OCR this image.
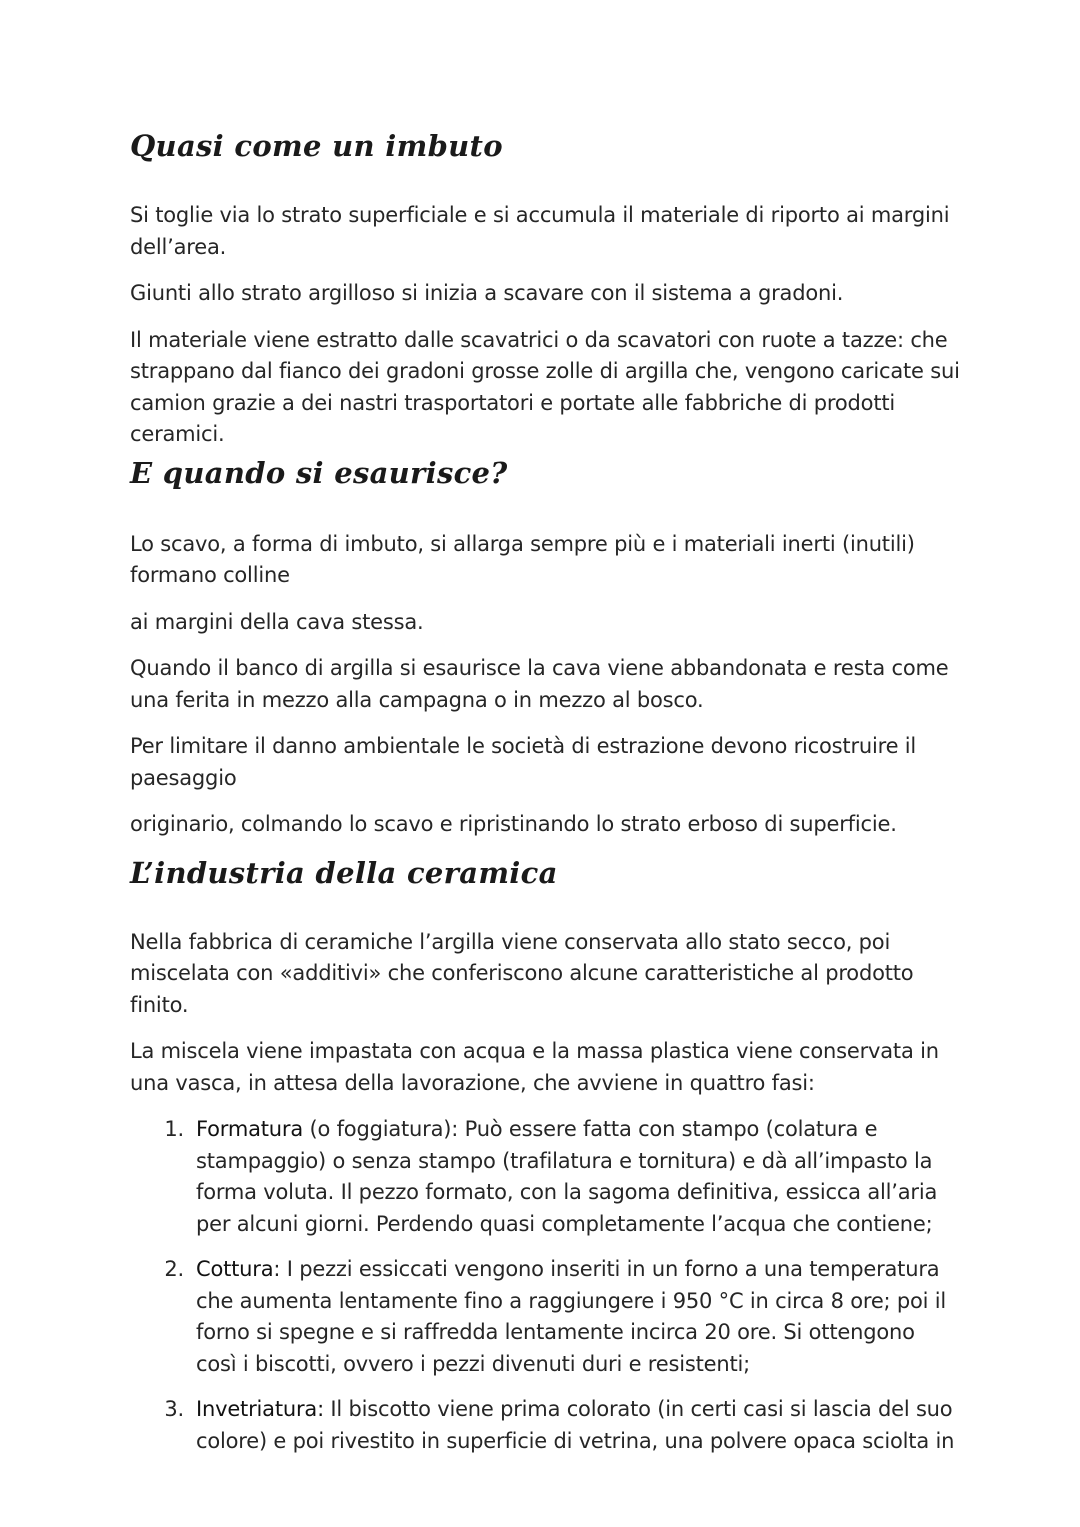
Quasi come un imbuto

Si toglie via lo strato superficiale e si accumula il materiale di riporto ai margini dell’area.

Giunti allo strato argilloso si inizia a scavare con il sistema a gradoni.

Il materiale viene estratto dalle scavatrici o da scavatori con ruote a tazze: che strappano dal fianco dei gradoni grosse zolle di argilla che, vengono caricate sui camion grazie a dei nastri trasportatori e portate alle fabbriche di prodotti ceramici.

E quando si esaurisce?

Lo scavo, a forma di imbuto, si allarga sempre più e i materiali inerti (inutili) formano colline

ai margini della cava stessa.

Quando il banco di argilla si esaurisce la cava viene abbandonata e resta come una ferita in mezzo alla campagna o in mezzo al bosco.

Per limitare il danno ambientale le società di estrazione devono ricostruire il paesaggio

originario, colmando lo scavo e ripristinando lo strato erboso di superficie.

L’industria della ceramica

Nella fabbrica di ceramiche l’argilla viene conservata allo stato secco, poi miscelata con «additivi» che conferiscono alcune caratteristiche al prodotto finito.

La miscela viene impastata con acqua e la massa plastica viene conservata in una vasca, in attesa della lavorazione, che avviene in quattro fasi:

1. Formatura (o foggiatura): Può essere fatta con stampo (colatura e stampaggio) o senza stampo (trafilatura e tornitura) e dà all’impasto la forma voluta. Il pezzo formato, con la sagoma definitiva, essicca all’aria per alcuni giorni. Perdendo quasi completamente l’acqua che contiene;
2. Cottura: I pezzi essiccati vengono inseriti in un forno a una temperatura che aumenta lentamente fino a raggiungere i 950 °C in circa 8 ore; poi il forno si spegne e si raffredda lentamente incirca 20 ore. Si ottengono così i biscotti, ovvero i pezzi divenuti duri e resistenti;
3. Invetriatura: Il biscotto viene prima colorato (in certi casi si lascia del suo colore) e poi rivestito in superficie di vetrina, una polvere opaca sciolta in
